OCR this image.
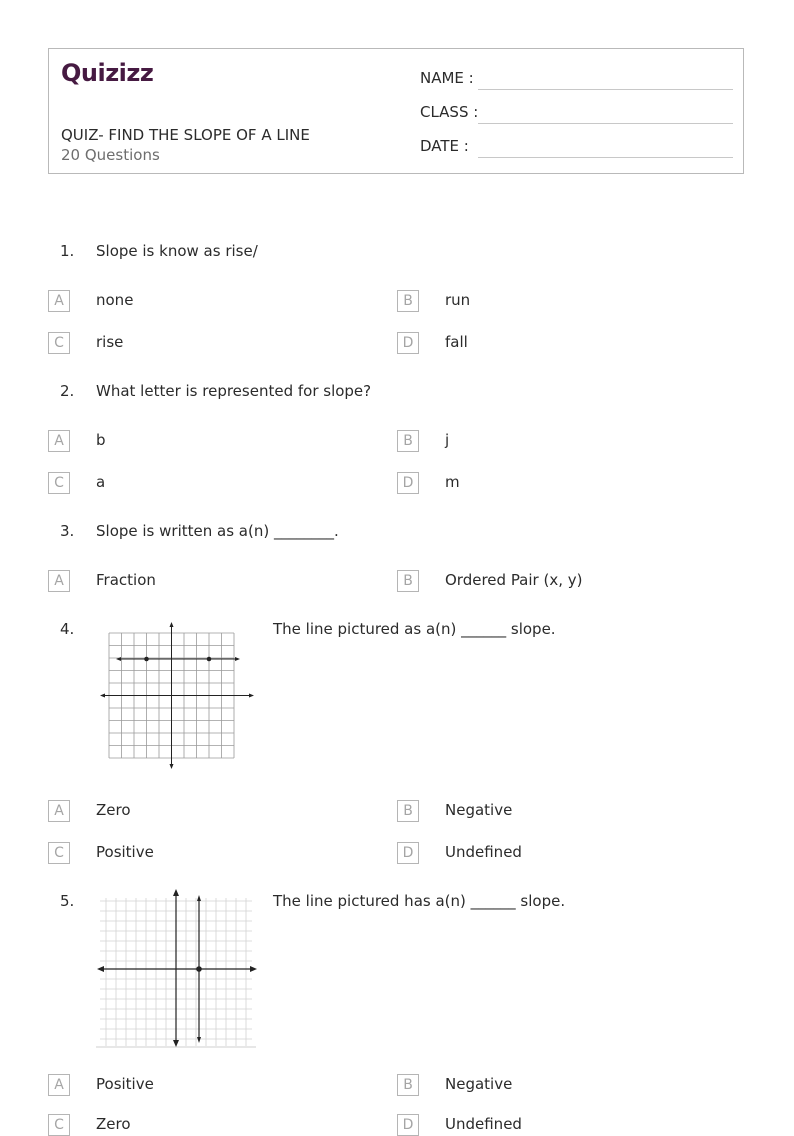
Quizizz
QUIZ- FIND THE SLOPE OF A LINE
20 Questions
NAME :
CLASS :
DATE :
1. Slope is know as rise/
A	none	B	run
C	rise	D	fall
2. What letter is represented for slope?
A	b	B	j
C	a	D	m
3. Slope is written as a(n) ________.
A	Fraction	B	Ordered Pair (x, y)
4.	The line pictured as a(n) ______ slope.
A	Zero	B	Negative
C	Positive	D	Undefined
5.	The line pictured has a(n) ______ slope.
A	Positive	B	Negative
C	Zero	D	Undefined
